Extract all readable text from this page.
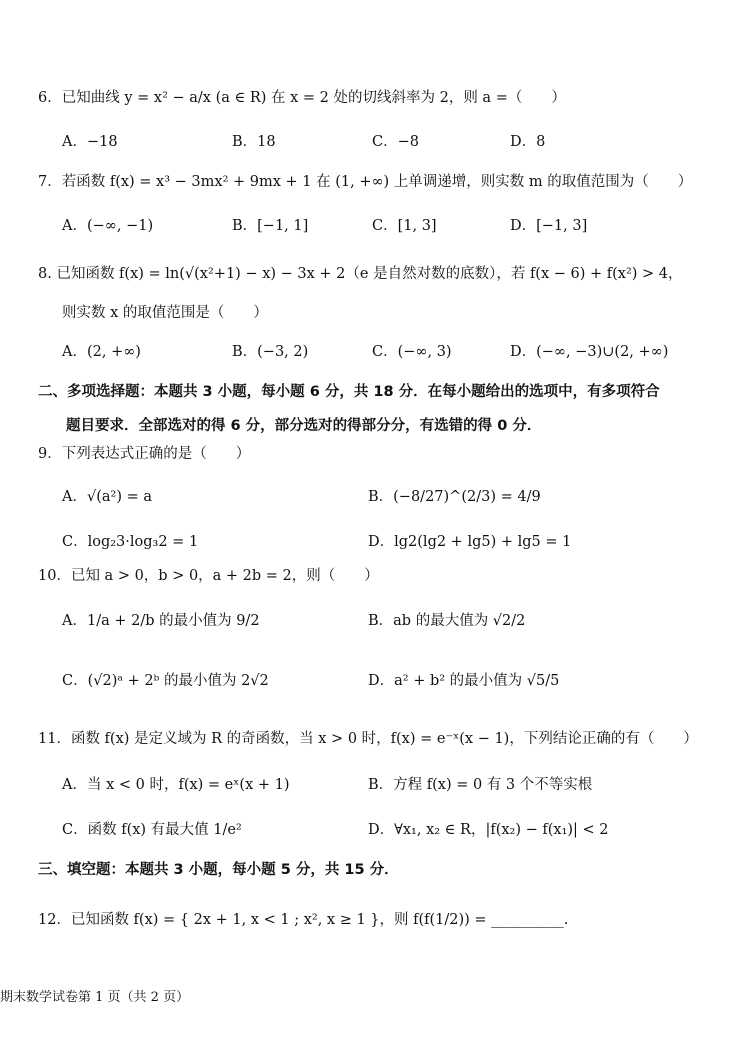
6．已知曲线 y = x² − a/x (a ∈ R) 在 x = 2 处的切线斜率为 2，则 a =（　　）
A．−18	B．18	C．−8	D．8
7．若函数 f(x) = x³ − 3mx² + 9mx + 1 在 (1, +∞) 上单调递增，则实数 m 的取值范围为（　　）
A．(−∞, −1)	B．[−1, 1]	C．[1, 3]	D．[−1, 3]
8. 已知函数 f(x) = ln(√(x²+1) − x) − 3x + 2（e 是自然对数的底数），若 f(x − 6) + f(x²) > 4，
则实数 x 的取值范围是（　　）
A．(2, +∞)	B．(−3, 2)	C．(−∞, 3)	D．(−∞, −3)∪(2, +∞)
二、多项选择题：本题共 3 小题，每小题 6 分，共 18 分．在每小题给出的选项中，有多项符合
题目要求．全部选对的得 6 分，部分选对的得部分分，有选错的得 0 分．
9．下列表达式正确的是（　　）
A．√(a²) = a	B．(−8/27)^(2/3) = 4/9
C．log₂3·log₃2 = 1	D．lg2(lg2 + lg5) + lg5 = 1
10．已知 a > 0，b > 0，a + 2b = 2，则（　　）
A．1/a + 2/b 的最小值为 9/2	B．ab 的最大值为 √2/2
C．(√2)ᵃ + 2ᵇ 的最小值为 2√2	D．a² + b² 的最小值为 √5/5
11．函数 f(x) 是定义域为 R 的奇函数，当 x > 0 时，f(x) = e⁻ˣ(x − 1)，下列结论正确的有（　　）
A．当 x < 0 时，f(x) = eˣ(x + 1)	B．方程 f(x) = 0 有 3 个不等实根
C．函数 f(x) 有最大值 1/e²	D．∀x₁, x₂ ∈ R，|f(x₂) − f(x₁)| < 2
三、填空题：本题共 3 小题，每小题 5 分，共 15 分．
12．已知函数 f(x) = { 2x + 1, x < 1 ; x², x ≥ 1 }，则 f(f(1/2)) = __________.
期末数学试卷第 1 页（共 2 页）
